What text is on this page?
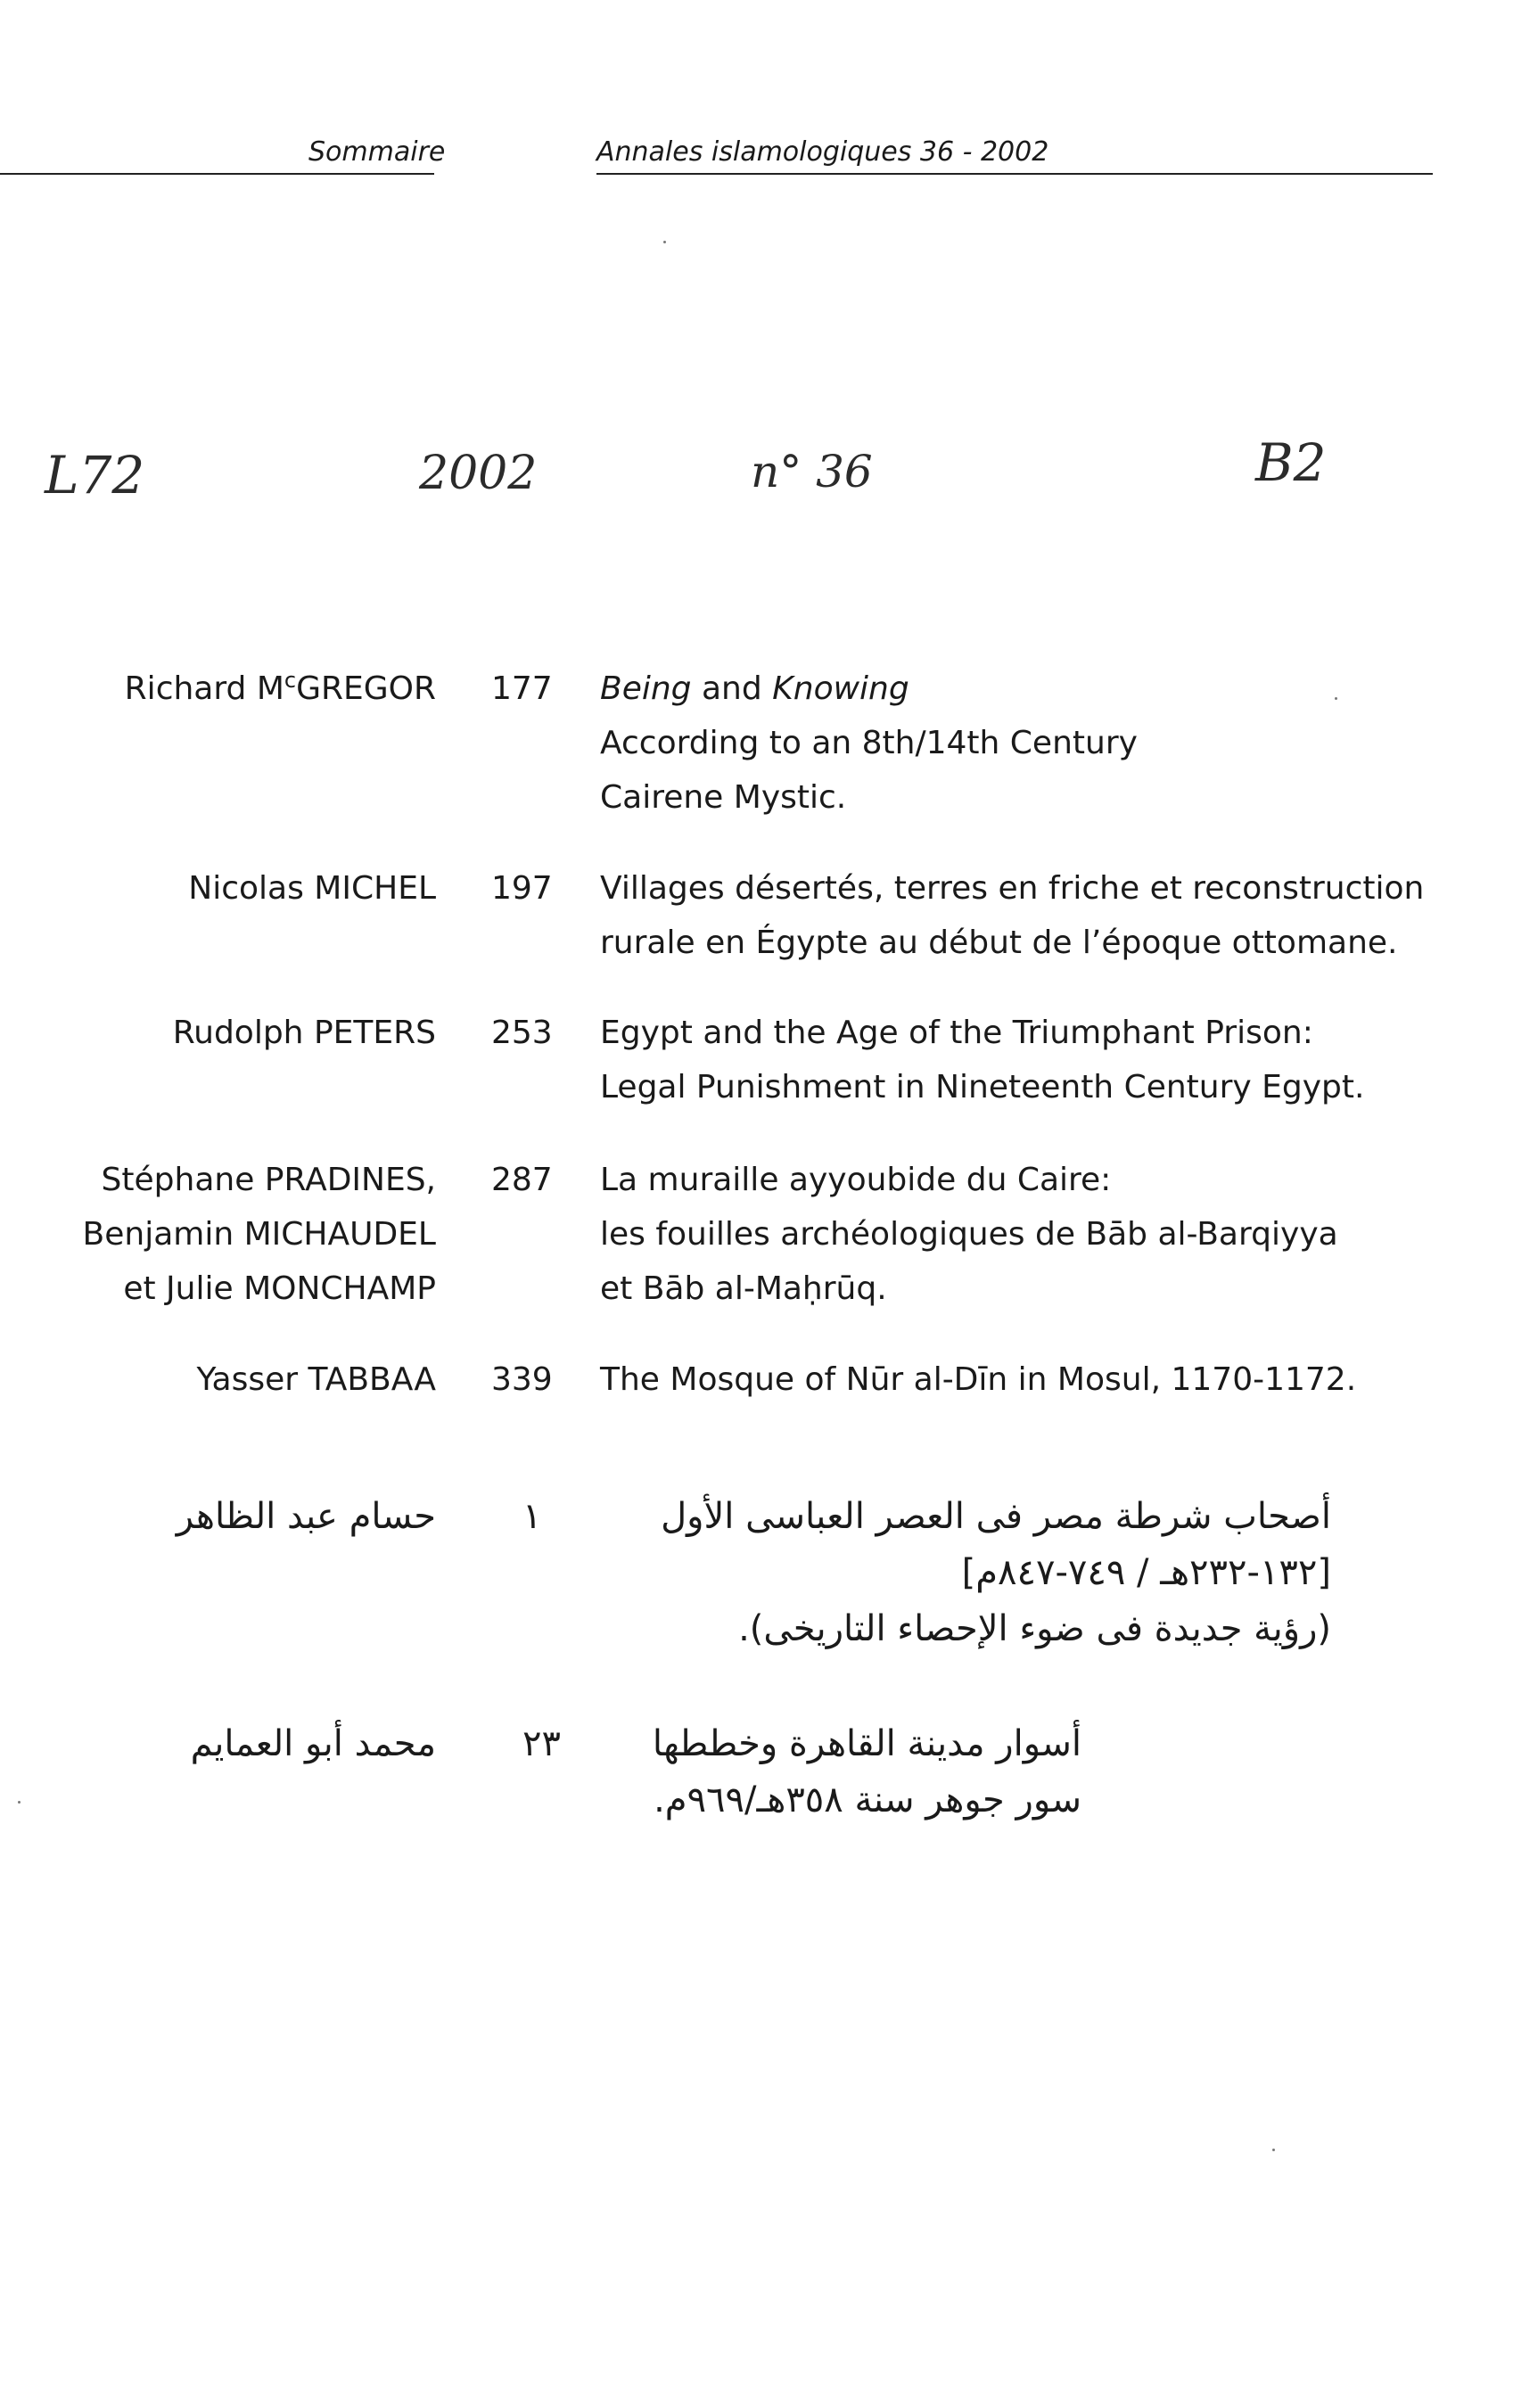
Sommaire	Annales islamologiques 36 - 2002
L72	2002	n° 36	B2
Richard $M^cGREGOR$ 177 Being and Knowing
According to an 8th/14th Century
Cairene Mystic.
Nicolas MICHEL 197 Villages désertés, terres en friche et reconstruction
rurale en Égypte au début de l’époque ottomane.
Rudolph PETERS 253 Egypt and the Age of the Triumphant Prison:
Legal Punishment in Nineteenth Century Egypt.
Stéphane PRADINES,
Benjamin MICHAUDEL
et Julie MONCHAMP
287 La muraille ayyoubide du Caire:
les fouilles archéologiques de Bāb al-Barqiyya
et Bāb al-Maḥrūq.
Yasser TABBAA 339 The Mosque of Nūr al-Dīn in Mosul, 1170-1172.
حسام عبد الظاهر ١	أصحاب شرطة مصر فى العصر العباسى الأول
[١٣٢-٢٣٢هـ / ٧٤٩-٨٤٧م]
(رؤية جديدة فى ضوء الإحصاء التاريخى).
محمد أبو العمايم ٢٣	أسوار مدينة القاهرة وخططها
سور جوهر سنة ٣٥٨هـ/٩٦٩م.
